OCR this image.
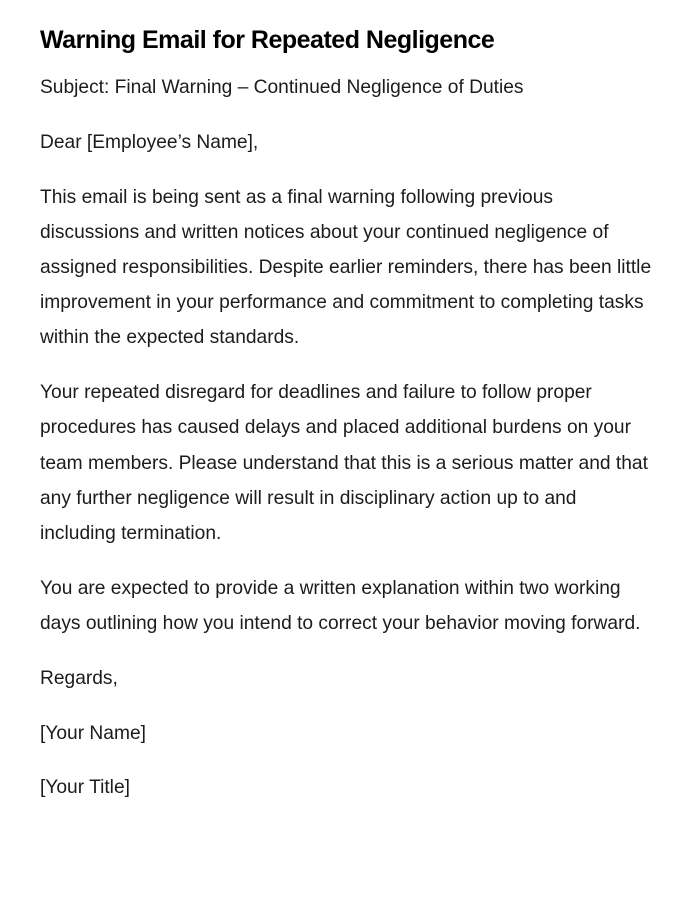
Warning Email for Repeated Negligence

Subject: Final Warning – Continued Negligence of Duties

Dear [Employee’s Name],

This email is being sent as a final warning following previous discussions and written notices about your continued negligence of assigned responsibilities. Despite earlier reminders, there has been little improvement in your performance and commitment to completing tasks within the expected standards.

Your repeated disregard for deadlines and failure to follow proper procedures has caused delays and placed additional burdens on your team members. Please understand that this is a serious matter and that any further negligence will result in disciplinary action up to and including termination.

You are expected to provide a written explanation within two working days outlining how you intend to correct your behavior moving forward.

Regards,

[Your Name]

[Your Title]
